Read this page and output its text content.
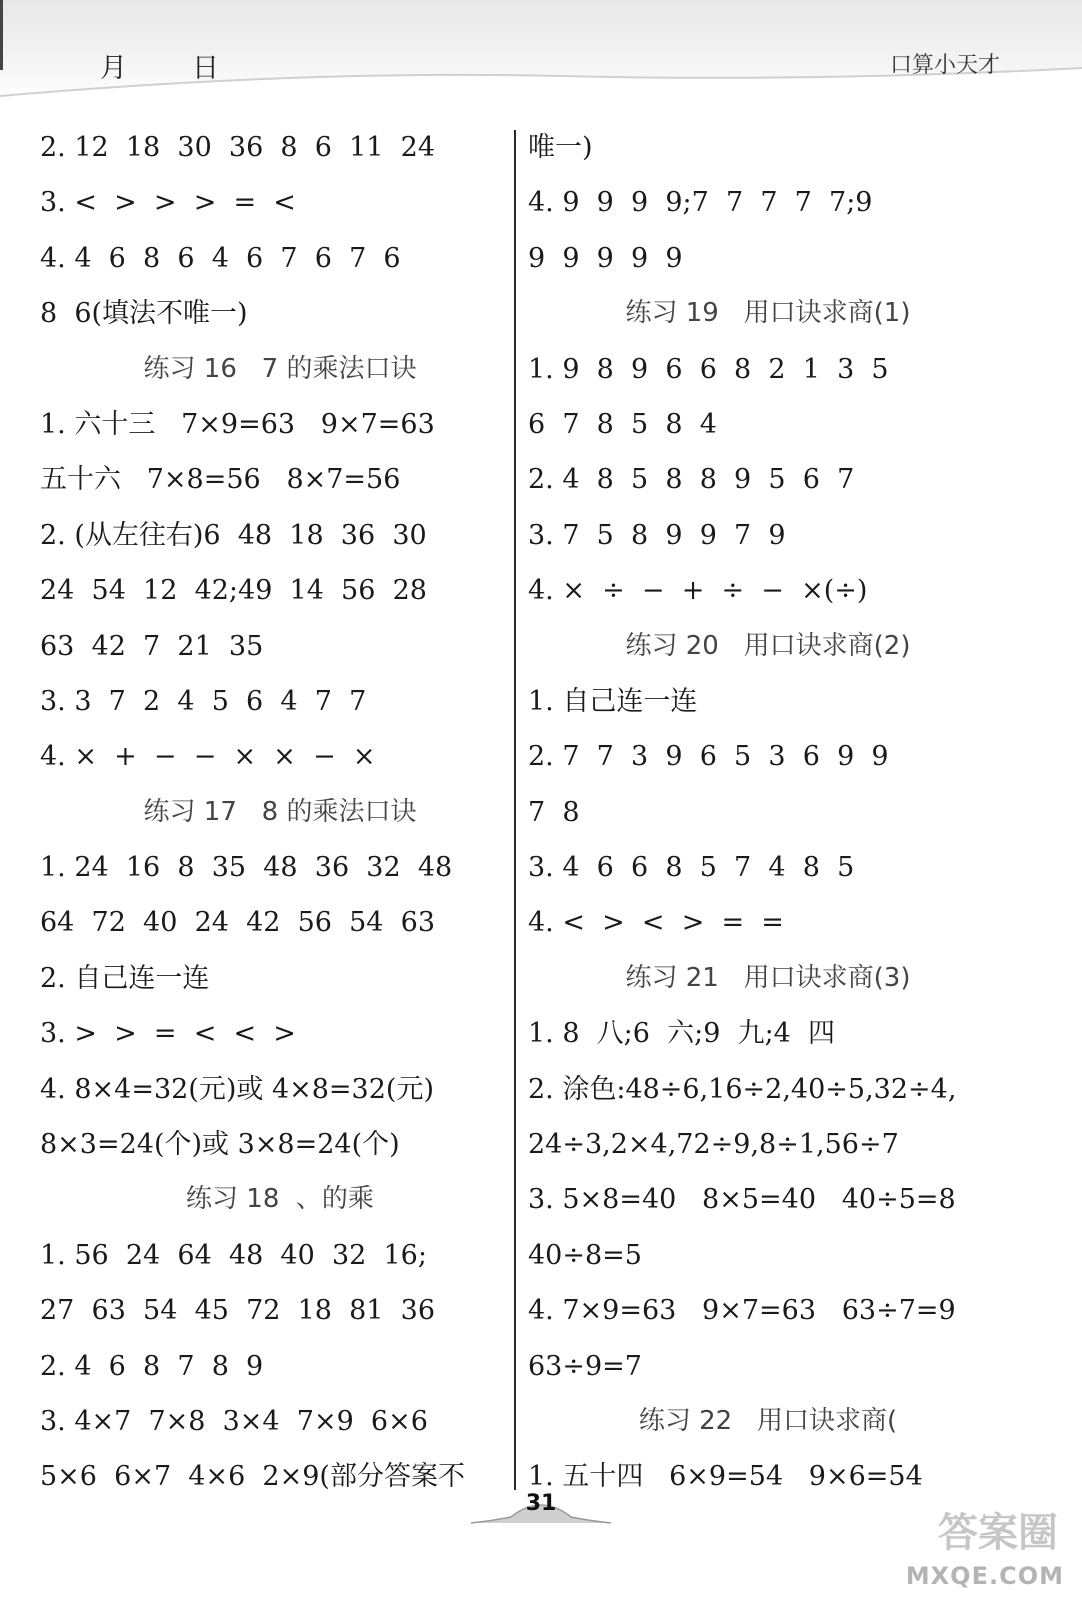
月 日	口算小天才
2. 12  18  30  36  8  6  11  24
3. <  >  >  >  =  <
4. 4  6  8  6  4  6  7  6  7  6
8  6(填法不唯一)
练习 16   7 的乘法口诀
1. 六十三   7×9=63   9×7=63
五十六   7×8=56   8×7=56
2. (从左往右)6  48  18  36  30
24  54  12  42;49  14  56  28
63  42  7  21  35
3. 3  7  2  4  5  6  4  7  7
4. ×  +  −  −  ×  ×  −  ×
练习 17   8 的乘法口诀
1. 24  16  8  35  48  36  32  48
64  72  40  24  42  56  54  63
2. 自己连一连
3. >  >  =  <  <  >
4. 8×4=32(元)或 4×8=32(元)
8×3=24(个)或 3×8=24(个)
练习 18  、的乘
1. 56  24  64  48  40  32  16;
27  63  54  45  72  18  81  36
2. 4  6  8  7  8  9
3. 4×7  7×8  3×4  7×9  6×6
5×6  6×7  4×6  2×9(部分答案不
唯一)
4. 9  9  9  9;7  7  7  7  7;9
9  9  9  9  9
练习 19   用口诀求商(1)
1. 9  8  9  6  6  8  2  1  3  5
6  7  8  5  8  4
2. 4  8  5  8  8  9  5  6  7
3. 7  5  8  9  9  7  9
4. ×  ÷  −  +  ÷  −  ×(÷)
练习 20   用口诀求商(2)
1. 自己连一连
2. 7  7  3  9  6  5  3  6  9  9
7  8
3. 4  6  6  8  5  7  4  8  5
4. <  >  <  >  =  =
练习 21   用口诀求商(3)
1. 8  八;6  六;9  九;4  四
2. 涂色:48÷6,16÷2,40÷5,32÷4,
24÷3,2×4,72÷9,8÷1,56÷7
3. 5×8=40   8×5=40   40÷5=8
40÷8=5
4. 7×9=63   9×7=63   63÷7=9
63÷9=7
练习 22   用口诀求商(
1. 五十四   6×9=54   9×6=54
31
答案圈
MXQE.COM
